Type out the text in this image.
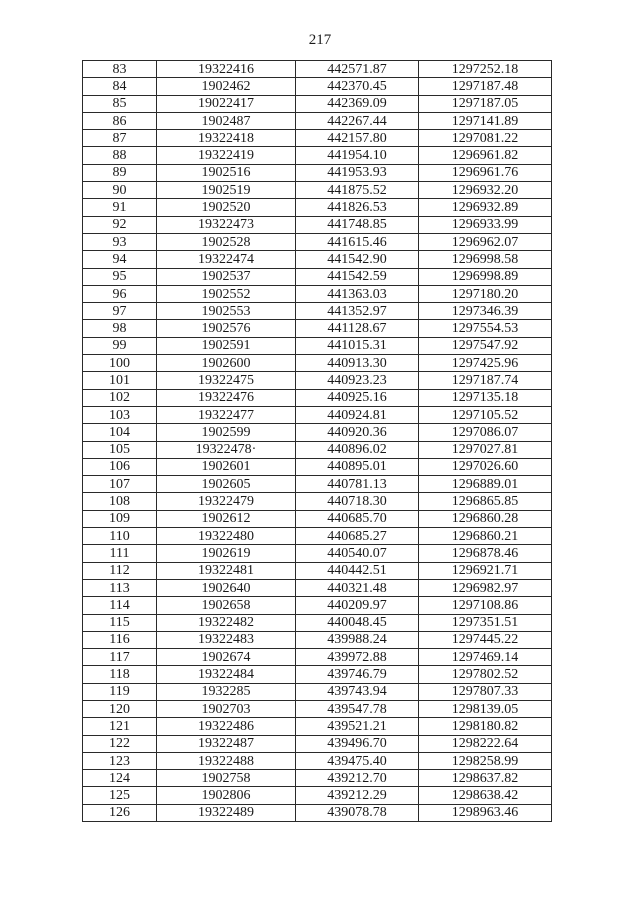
217
83	19322416	442571.87	1297252.18
84	1902462	442370.45	1297187.48
85	19022417	442369.09	1297187.05
86	1902487	442267.44	1297141.89
87	19322418	442157.80	1297081.22
88	19322419	441954.10	1296961.82
89	1902516	441953.93	1296961.76
90	1902519	441875.52	1296932.20
91	1902520	441826.53	1296932.89
92	19322473	441748.85	1296933.99
93	1902528	441615.46	1296962.07
94	19322474	441542.90	1296998.58
95	1902537	441542.59	1296998.89
96	1902552	441363.03	1297180.20
97	1902553	441352.97	1297346.39
98	1902576	441128.67	1297554.53
99	1902591	441015.31	1297547.92
100	1902600	440913.30	1297425.96
101	19322475	440923.23	1297187.74
102	19322476	440925.16	1297135.18
103	19322477	440924.81	1297105.52
104	1902599	440920.36	1297086.07
105	19322478·	440896.02	1297027.81
106	1902601	440895.01	1297026.60
107	1902605	440781.13	1296889.01
108	19322479	440718.30	1296865.85
109	1902612	440685.70	1296860.28
110	19322480	440685.27	1296860.21
111	1902619	440540.07	1296878.46
112	19322481	440442.51	1296921.71
113	1902640	440321.48	1296982.97
114	1902658	440209.97	1297108.86
115	19322482	440048.45	1297351.51
116	19322483	439988.24	1297445.22
117	1902674	439972.88	1297469.14
118	19322484	439746.79	1297802.52
119	1932285	439743.94	1297807.33
120	1902703	439547.78	1298139.05
121	19322486	439521.21	1298180.82
122	19322487	439496.70	1298222.64
123	19322488	439475.40	1298258.99
124	1902758	439212.70	1298637.82
125	1902806	439212.29	1298638.42
126	19322489	439078.78	1298963.46
